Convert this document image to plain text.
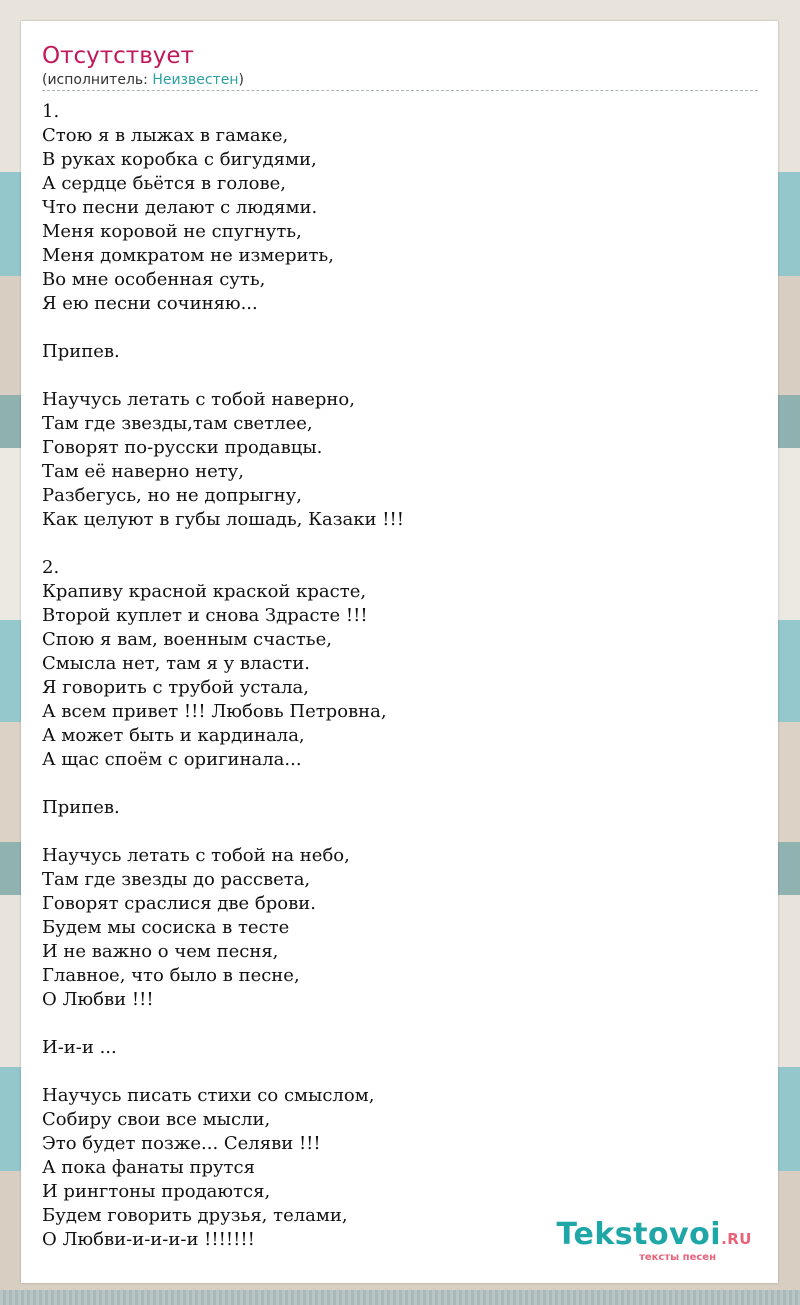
Отсутствует
(исполнитель: Неизвестен)
1.
Стою я в лыжах в гамаке,
В руках коробка с бигудями,
А сердце бьётся в голове,
Что песни делают с людями.
Меня коровой не спугнуть,
Меня домкратом не измерить,
Во мне особенная суть,
Я ею песни сочиняю...

Припев.

Научусь летать с тобой наверно,
Там где звезды,там светлее,
Говорят по-русски продавцы.
Там её наверно нету,
Разбегусь, но не допрыгну,
Как целуют в губы лошадь, Казаки !!!

2.
Крапиву красной краской красте,
Второй куплет и снова Здрасте !!!
Спою я вам, военным счастье,
Смысла нет, там я у власти.
Я говорить с трубой устала,
А всем привет !!! Любовь Петровна,
А может быть и кардинала,
А щас споём с оригинала...

Припев.

Научусь летать с тобой на небо,
Там где звезды до рассвета,
Говорят сраслися две брови.
Будем мы сосиска в тесте
И не важно о чем песня,
Главное, что было в песне,
О Любви !!!

И-и-и ...

Научусь писать стихи со смыслом,
Собиру свои все мысли,
Это будет позже... Селяви !!!
А пока фанаты прутся
И рингтоны продаются,
Будем говорить друзья, телами,
О Любви-и-и-и-и !!!!!!!	Tekstovoi.RU
тексты песен
